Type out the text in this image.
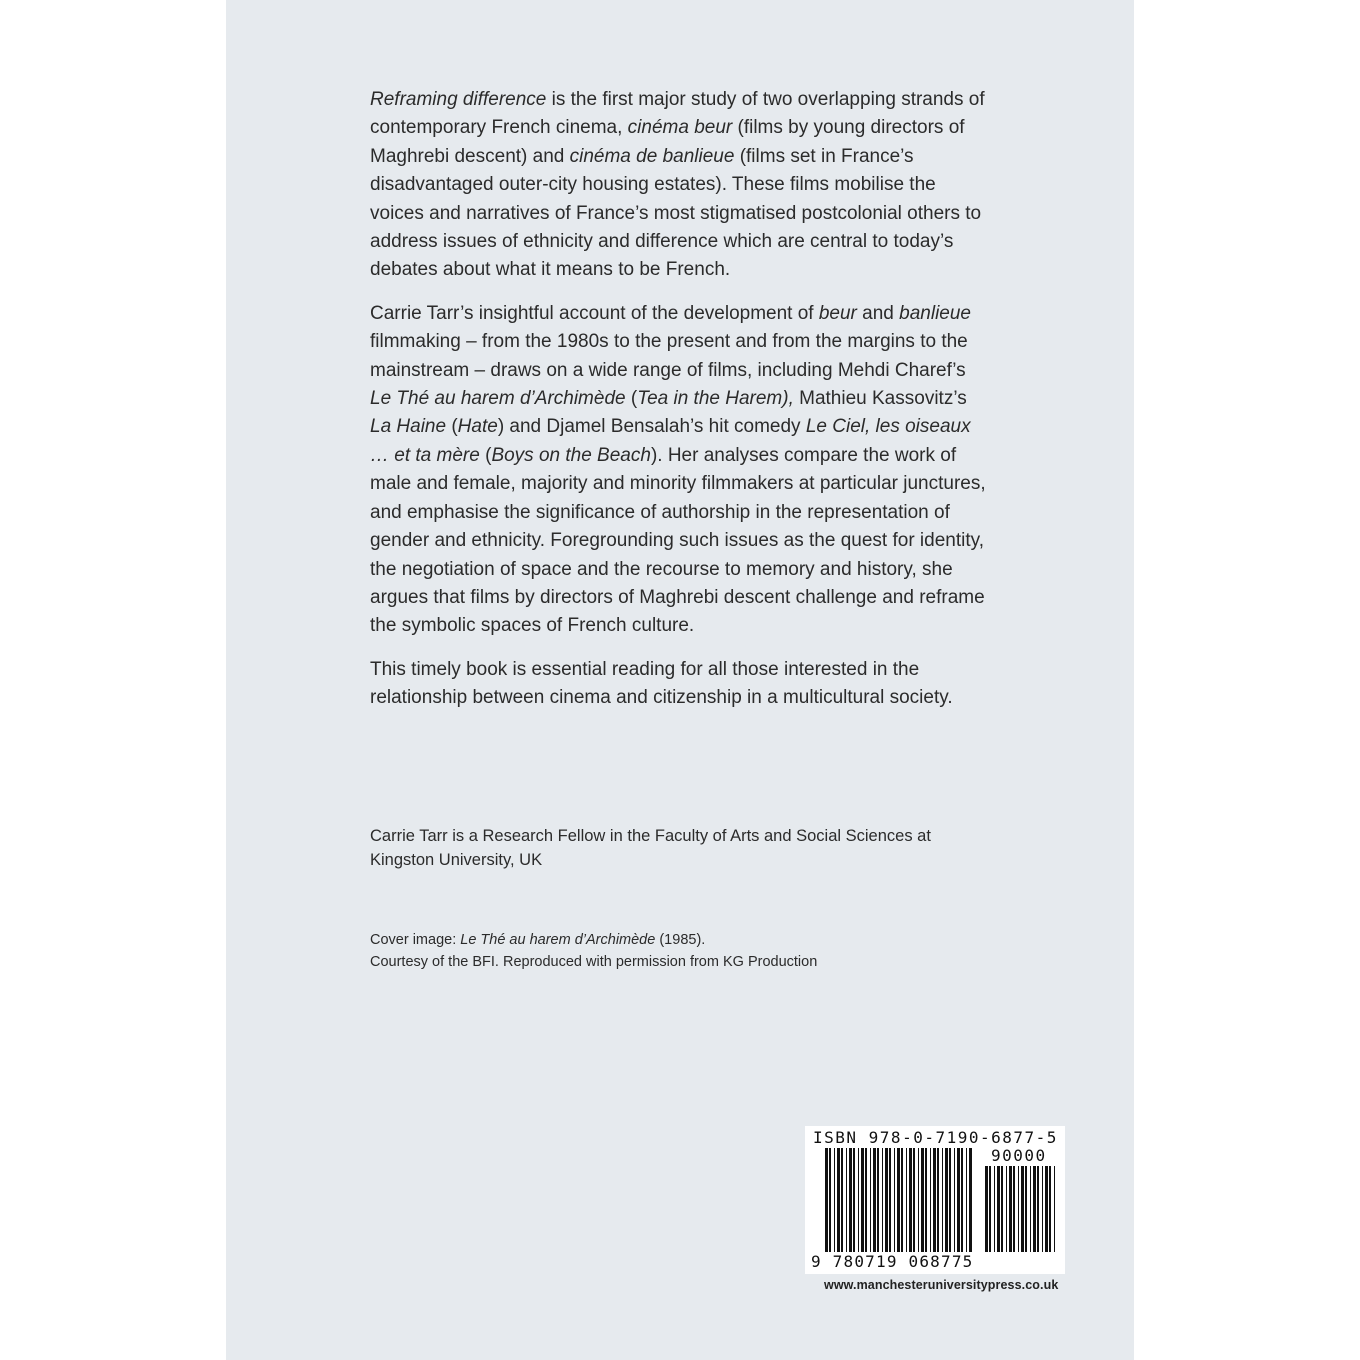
Reframing difference is the first major study of two overlapping strands of contemporary French cinema, cinéma beur (films by young directors of Maghrebi descent) and cinéma de banlieue (films set in France’s disadvantaged outer-city housing estates). These films mobilise the voices and narratives of France’s most stigmatised postcolonial others to address issues of ethnicity and difference which are central to today’s debates about what it means to be French.

Carrie Tarr’s insightful account of the development of beur and banlieue filmmaking – from the 1980s to the present and from the margins to the mainstream – draws on a wide range of films, including Mehdi Charef’s Le Thé au harem d’Archimède (Tea in the Harem), Mathieu Kassovitz’s La Haine (Hate) and Djamel Bensalah’s hit comedy Le Ciel, les oiseaux … et ta mère (Boys on the Beach). Her analyses compare the work of male and female, majority and minority filmmakers at particular junctures, and emphasise the significance of authorship in the representation of gender and ethnicity. Foregrounding such issues as the quest for identity, the negotiation of space and the recourse to memory and history, she argues that films by directors of Maghrebi descent challenge and reframe the symbolic spaces of French culture.

This timely book is essential reading for all those interested in the relationship between cinema and citizenship in a multicultural society.

Carrie Tarr is a Research Fellow in the Faculty of Arts and Social Sciences at Kingston University, UK
Cover image: Le Thé au harem d’Archimède (1985).
Courtesy of the BFI. Reproduced with permission from KG Production
ISBN 978-0-7190-6877-5
90000
9 780719 068775
www.manchesteruniversitypress.co.uk
